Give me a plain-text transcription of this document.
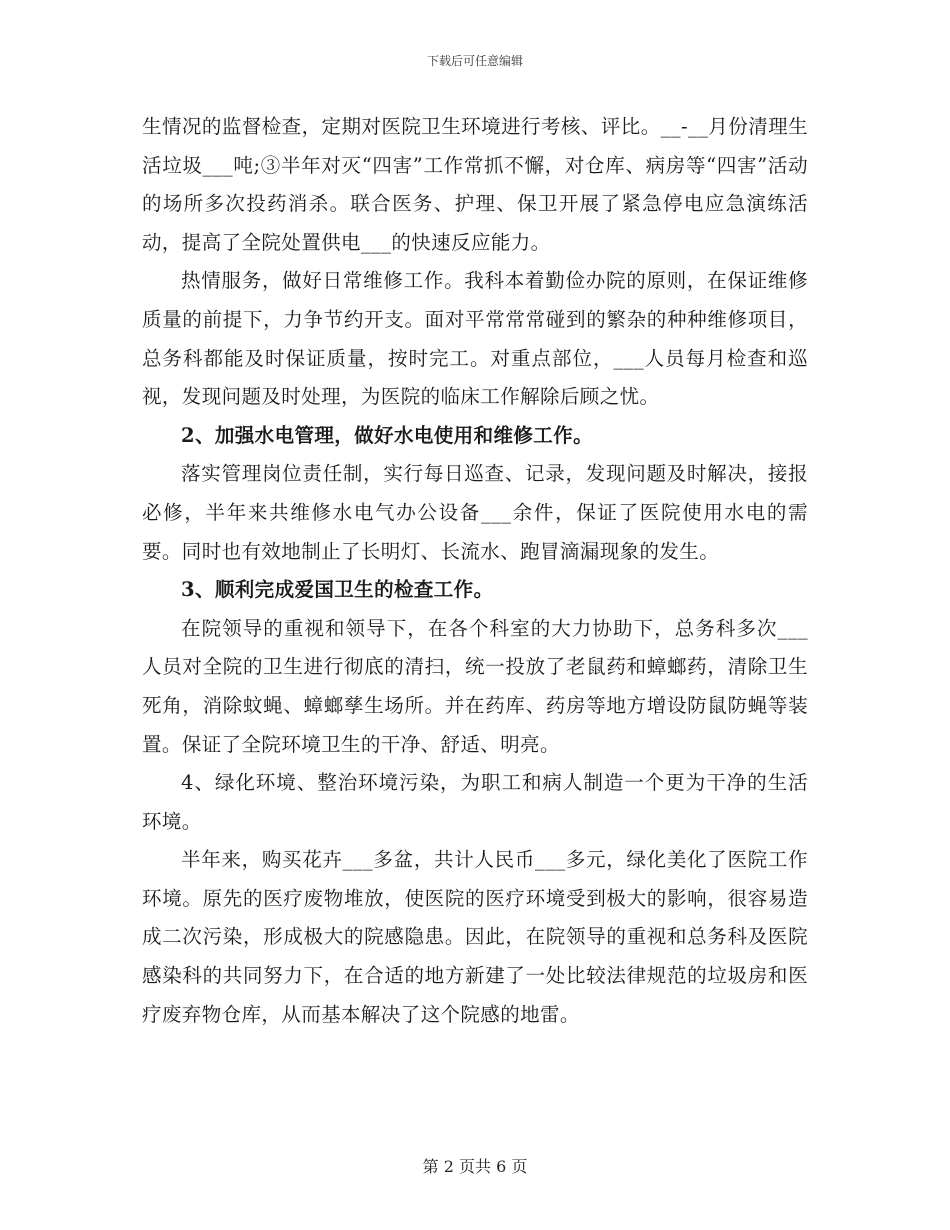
下载后可任意编辑

生情况的监督检查，定期对医院卫生环境进行考核、评比。__-__月份清理生活垃圾___吨;③半年对灭“四害”工作常抓不懈，对仓库、病房等“四害”活动的场所多次投药消杀。联合医务、护理、保卫开展了紧急停电应急演练活动，提高了全院处置供电___的快速反应能力。

热情服务，做好日常维修工作。我科本着勤俭办院的原则，在保证维修质量的前提下，力争节约开支。面对平常常常碰到的繁杂的种种维修项目，总务科都能及时保证质量，按时完工。对重点部位，___人员每月检查和巡视，发现问题及时处理，为医院的临床工作解除后顾之忧。

2、加强水电管理，做好水电使用和维修工作。

落实管理岗位责任制，实行每日巡查、记录，发现问题及时解决，接报必修，半年来共维修水电气办公设备___余件，保证了医院使用水电的需要。同时也有效地制止了长明灯、长流水、跑冒滴漏现象的发生。

3、顺利完成爱国卫生的检查工作。

在院领导的重视和领导下，在各个科室的大力协助下，总务科多次___人员对全院的卫生进行彻底的清扫，统一投放了老鼠药和蟑螂药，清除卫生死角，消除蚊蝇、蟑螂孳生场所。并在药库、药房等地方增设防鼠防蝇等装置。保证了全院环境卫生的干净、舒适、明亮。

4、绿化环境、整治环境污染，为职工和病人制造一个更为干净的生活环境。

半年来，购买花卉___多盆，共计人民币___多元，绿化美化了医院工作环境。原先的医疗废物堆放，使医院的医疗环境受到极大的影响，很容易造成二次污染，形成极大的院感隐患。因此，在院领导的重视和总务科及医院感染科的共同努力下，在合适的地方新建了一处比较法律规范的垃圾房和医疗废弃物仓库，从而基本解决了这个院感的地雷。

第 2 页共 6 页
